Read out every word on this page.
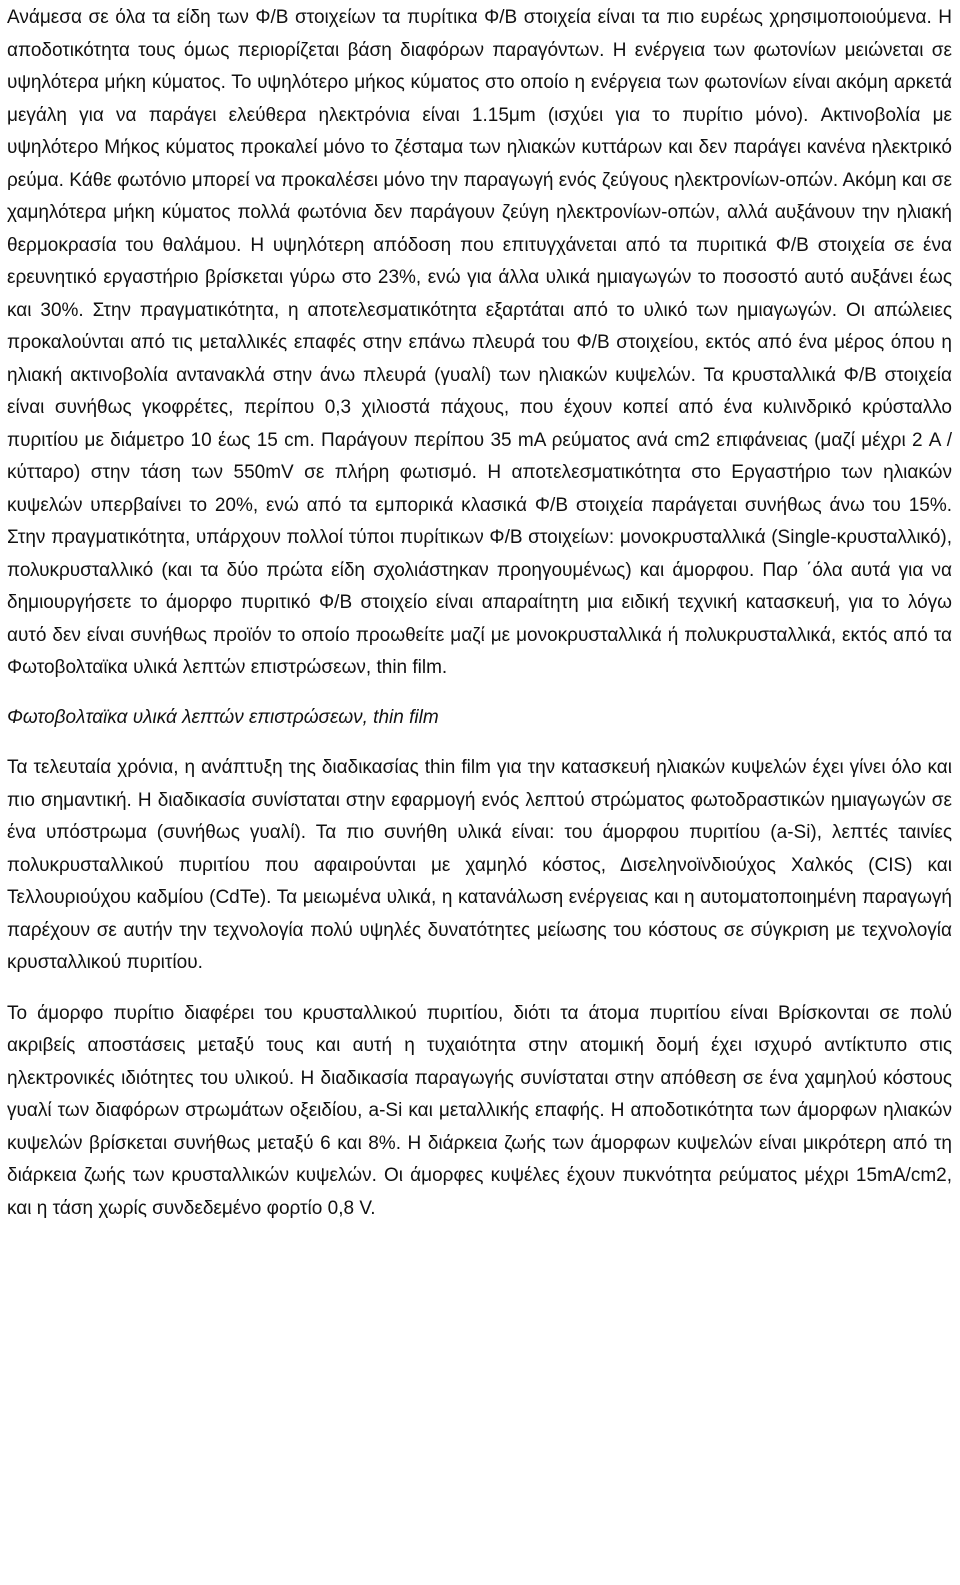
Ανάμεσα σε όλα τα είδη των Φ/Β στοιχείων τα πυρίτικα Φ/Β στοιχεία είναι τα πιο ευρέως χρησιμοποιούμενα. Η αποδοτικότητα τους όμως περιορίζεται βάση διαφόρων παραγόντων. Η ενέργεια των φωτονίων μειώνεται σε υψηλότερα μήκη κύματος. Το υψηλότερο μήκος κύματος στο οποίο η ενέργεια των φωτονίων είναι ακόμη αρκετά μεγάλη για να παράγει ελεύθερα ηλεκτρόνια είναι 1.15μm (ισχύει για το πυρίτιο μόνο). Ακτινοβολία με υψηλότερο Μήκος κύματος προκαλεί μόνο το ζέσταμα των ηλιακών κυττάρων και δεν παράγει κανένα ηλεκτρικό ρεύμα. Κάθε φωτόνιο μπορεί να προκαλέσει μόνο την παραγωγή ενός ζεύγους ηλεκτρονίων-οπών. Ακόμη και σε χαμηλότερα μήκη κύματος πολλά φωτόνια δεν παράγουν ζεύγη ηλεκτρονίων-οπών, αλλά αυξάνουν την ηλιακή θερμοκρασία του θαλάμου. Η υψηλότερη απόδοση που επιτυγχάνεται από τα πυριτικά Φ/Β στοιχεία σε ένα ερευνητικό εργαστήριο βρίσκεται γύρω στο 23%, ενώ για άλλα υλικά ημιαγωγών το ποσοστό αυτό αυξάνει έως και 30%. Στην πραγματικότητα, η αποτελεσματικότητα εξαρτάται από το υλικό των ημιαγωγών. Οι απώλειες προκαλούνται από τις μεταλλικές επαφές στην επάνω πλευρά του Φ/Β στοιχείου, εκτός από ένα μέρος όπου η ηλιακή ακτινοβολία αντανακλά στην άνω πλευρά (γυαλί) των ηλιακών κυψελών. Τα κρυσταλλικά Φ/Β στοιχεία είναι συνήθως γκοφρέτες, περίπου 0,3 χιλιοστά πάχους, που έχουν κοπεί από ένα κυλινδρικό κρύσταλλο πυριτίου με διάμετρο 10 έως 15 cm. Παράγουν περίπου 35 mA ρεύματος ανά cm2 επιφάνειας (μαζί μέχρι 2 A / κύτταρο) στην τάση των 550mV σε πλήρη φωτισμό. Η αποτελεσματικότητα στο Εργαστήριο των ηλιακών κυψελών υπερβαίνει το 20%, ενώ από τα εμπορικά κλασικά Φ/Β στοιχεία παράγεται συνήθως άνω του 15%. Στην πραγματικότητα, υπάρχουν πολλοί τύποι πυρίτικων Φ/Β στοιχείων: μονοκρυσταλλικά (Single-κρυσταλλικό), πολυκρυσταλλικό (και τα δύο πρώτα είδη σχολιάστηκαν προηγουμένως) και άμορφου. Παρ ΄όλα αυτά για να δημιουργήσετε το άμορφο πυριτικό Φ/Β στοιχείο είναι απαραίτητη μια ειδική τεχνική κατασκευή, για το λόγω αυτό δεν είναι συνήθως προϊόν το οποίο προωθείτε μαζί με μονοκρυσταλλικά ή πολυκρυσταλλικά, εκτός από τα Φωτοβολταϊκα υλικά λεπτών επιστρώσεων, thin film.

Φωτοβολταϊκα υλικά λεπτών επιστρώσεων, thin film

Τα τελευταία χρόνια, η ανάπτυξη της διαδικασίας thin film για την κατασκευή ηλιακών κυψελών έχει γίνει όλο και πιο σημαντική. Η διαδικασία συνίσταται στην εφαρμογή ενός λεπτού στρώματος φωτοδραστικών ημιαγωγών σε ένα υπόστρωμα (συνήθως γυαλί). Τα πιο συνήθη υλικά είναι: του άμορφου πυριτίου (a-Si), λεπτές ταινίες πολυκρυσταλλικού πυριτίου που αφαιρούνται με χαμηλό κόστος, Δισεληνοϊνδιούχος Χαλκός (CIS) και Τελλουριούχου καδμίου (CdTe). Τα μειωμένα υλικά, η κατανάλωση ενέργειας και η αυτοματοποιημένη παραγωγή παρέχουν σε αυτήν την τεχνολογία πολύ υψηλές δυνατότητες μείωσης του κόστους σε σύγκριση με τεχνολογία κρυσταλλικού πυριτίου.

Το άμορφο πυρίτιο διαφέρει του κρυσταλλικού πυριτίου, διότι τα άτομα πυριτίου είναι Βρίσκονται σε πολύ ακριβείς αποστάσεις μεταξύ τους και αυτή η τυχαιότητα στην ατομική δομή έχει ισχυρό αντίκτυπο στις ηλεκτρονικές ιδιότητες του υλικού. Η διαδικασία παραγωγής συνίσταται στην απόθεση σε ένα χαμηλού κόστους γυαλί των διαφόρων στρωμάτων οξειδίου, a-Si και μεταλλικής επαφής. Η αποδοτικότητα των άμορφων ηλιακών κυψελών βρίσκεται συνήθως μεταξύ 6 και 8%. Η διάρκεια ζωής των άμορφων κυψελών είναι μικρότερη από τη διάρκεια ζωής των κρυσταλλικών κυψελών. Οι άμορφες κυψέλες έχουν πυκνότητα ρεύματος μέχρι 15mA/cm2, και η τάση χωρίς συνδεδεμένο φορτίο 0,8 V.
